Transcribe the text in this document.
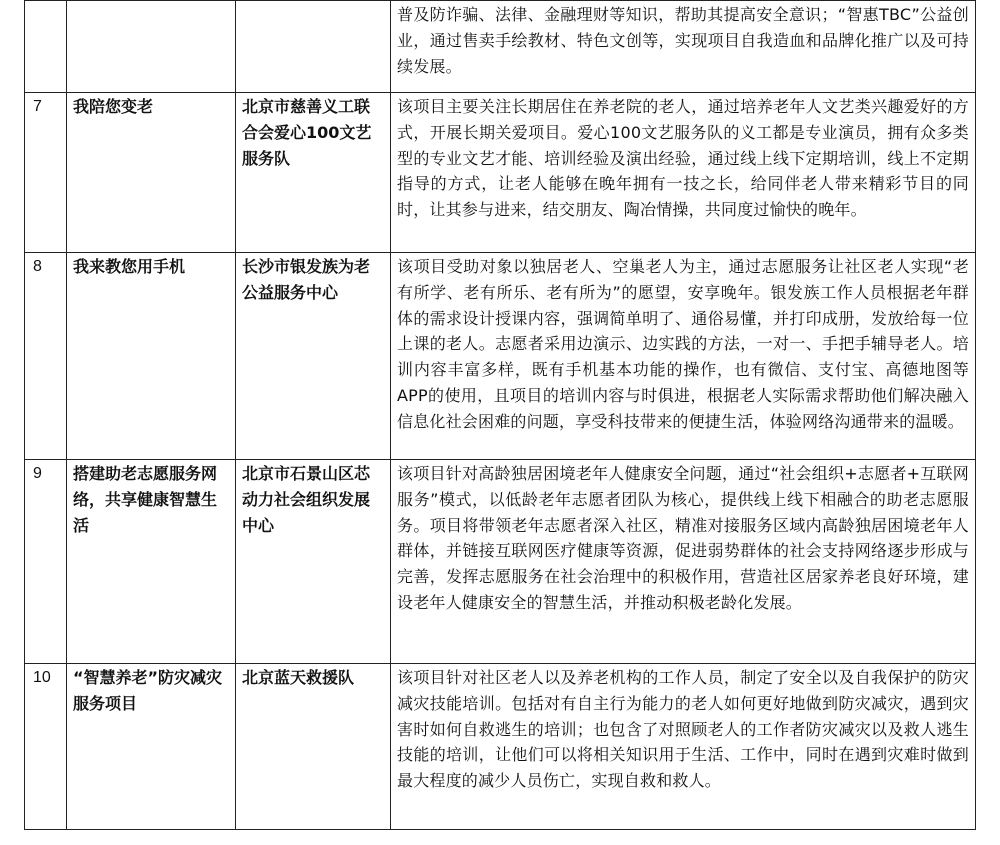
			普及防诈骗、法律、金融理财等知识，帮助其提高安全意识；“智惠TBC”公益创业，通过售卖手绘教材、特色文创等，实现项目自我造血和品牌化推广以及可持续发展。
7	我陪您变老	北京市慈善义工联合会爱心100文艺服务队	该项目主要关注长期居住在养老院的老人，通过培养老年人文艺类兴趣爱好的方式，开展长期关爱项目。爱心100文艺服务队的义工都是专业演员，拥有众多类型的专业文艺才能、培训经验及演出经验，通过线上线下定期培训，线上不定期指导的方式，让老人能够在晚年拥有一技之长，给同伴老人带来精彩节目的同时，让其参与进来，结交朋友、陶冶情操，共同度过愉快的晚年。
8	我来教您用手机	长沙市银发族为老公益服务中心	该项目受助对象以独居老人、空巢老人为主，通过志愿服务让社区老人实现“老有所学、老有所乐、老有所为”的愿望，安享晚年。银发族工作人员根据老年群体的需求设计授课内容，强调简单明了、通俗易懂，并打印成册，发放给每一位上课的老人。志愿者采用边演示、边实践的方法，一对一、手把手辅导老人。培训内容丰富多样，既有手机基本功能的操作，也有微信、支付宝、高德地图等APP的使用，且项目的培训内容与时俱进，根据老人实际需求帮助他们解决融入信息化社会困难的问题，享受科技带来的便捷生活，体验网络沟通带来的温暖。
9	搭建助老志愿服务网络，共享健康智慧生活	北京市石景山区芯动力社会组织发展中心	该项目针对高龄独居困境老年人健康安全问题，通过“社会组织+志愿者+互联网服务”模式，以低龄老年志愿者团队为核心，提供线上线下相融合的助老志愿服务。项目将带领老年志愿者深入社区，精准对接服务区域内高龄独居困境老年人群体，并链接互联网医疗健康等资源，促进弱势群体的社会支持网络逐步形成与完善，发挥志愿服务在社会治理中的积极作用，营造社区居家养老良好环境，建设老年人健康安全的智慧生活，并推动积极老龄化发展。
10	“智慧养老”防灾减灾服务项目	北京蓝天救援队	该项目针对社区老人以及养老机构的工作人员，制定了安全以及自我保护的防灾减灾技能培训。包括对有自主行为能力的老人如何更好地做到防灾减灾，遇到灾害时如何自救逃生的培训；也包含了对照顾老人的工作者防灾减灾以及救人逃生技能的培训，让他们可以将相关知识用于生活、工作中，同时在遇到灾难时做到最大程度的减少人员伤亡，实现自救和救人。
